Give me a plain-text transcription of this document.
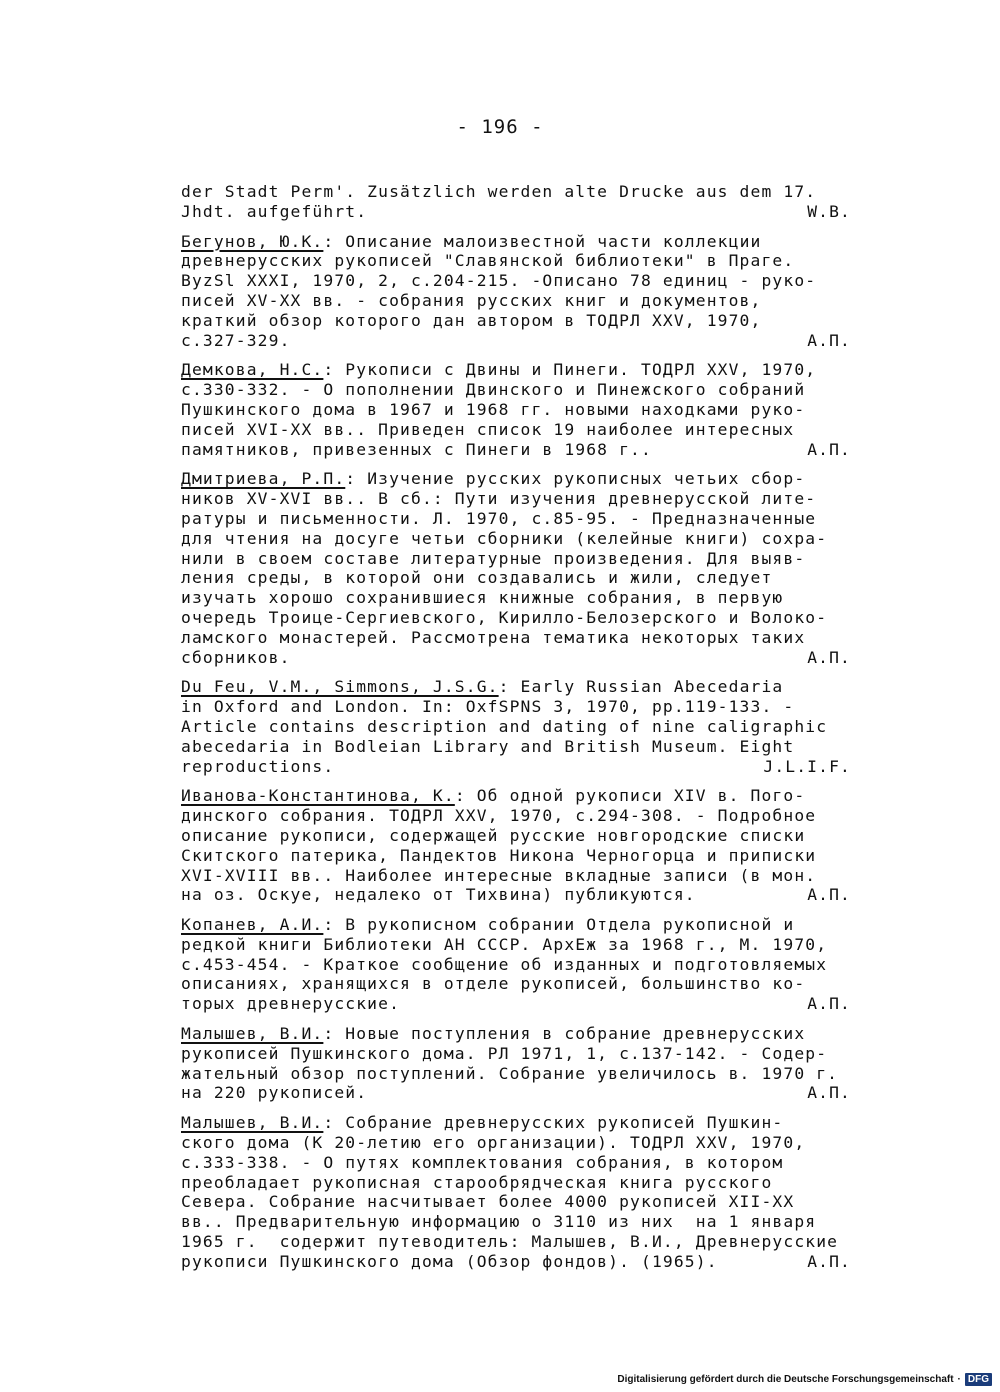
- 196 -
der Stadt Perm'. Zusätzlich werden alte Drucke aus dem 17.
Jhdt. aufgeführt.	W.B.
Бегунов, Ю.К.: Описание малоизвестной части коллекции
древнерусских рукописей "Славянской библиотеки" в Праге.
ByzSl XXXI, 1970, 2, с.204-215. -Описано 78 единиц - руко-
писей XV-XX вв. - собрания русских книг и документов,
краткий обзор которого дан автором в ТОДРЛ XXV, 1970,
с.327-329.	А.П.
Демкова, Н.С.: Рукописи с Двины и Пинеги. ТОДРЛ XXV, 1970,
с.330-332. - О пополнении Двинского и Пинежского собраний
Пушкинского дома в 1967 и 1968 гг. новыми находками руко-
писей XVI-XX вв.. Приведен список 19 наиболее интересных
памятников, привезенных с Пинеги в 1968 г..	А.П.
Дмитриева, Р.П.: Изучение русских рукописных четьих сбор-
ников XV-XVI вв.. В сб.: Пути изучения древнерусской лите-
ратуры и письменности. Л. 1970, с.85-95. - Предназначенные
для чтения на досуге четьи сборники (келейные книги) сохра-
нили в своем составе литературные произведения. Для выяв-
ления среды, в которой они создавались и жили, следует
изучать хорошо сохранившиеся книжные собрания, в первую
очередь Троице-Сергиевского, Кирилло-Белозерского и Волоко-
ламского монастерей. Рассмотрена тематика некоторых таких
сборников.	А.П.
Du Feu, V.M., Simmons, J.S.G.: Early Russian Abecedaria
in Oxford and London. In: OxfSPNS 3, 1970, pp.119-133. -
Article contains description and dating of nine caligraphic
abecedaria in Bodleian Library and British Museum. Eight
reproductions.	J.L.I.F.
Иванова-Константинова, К.: Об одной рукописи XIV в. Пого-
динского собрания. ТОДРЛ XXV, 1970, с.294-308. - Подробное
описание рукописи, содержащей русские новгородские списки
Скитского патерика, Пандектов Никона Черногорца и приписки
XVI-XVIII вв.. Наиболее интересные вкладные записи (в мон.
на оз. Оскуе, недалеко от Тихвина) публикуются.	А.П.
Копанев, А.И.: В рукописном собрании Отдела рукописной и
редкой книги Библиотеки АН СССР. АрхЕж за 1968 г., М. 1970,
с.453-454. - Краткое сообщение об изданных и подготовляемых
описаниях, хранящихся в отделе рукописей, большинство ко-
торых древнерусские.	А.П.
Малышев, В.И.: Новые поступления в собрание древнерусских
рукописей Пушкинского дома. РЛ 1971, 1, с.137-142. - Содер-
жательный обзор поступлений. Собрание увеличилось в. 1970 г.
на 220 рукописей.	А.П.
Малышев, В.И.: Собрание древнерусских рукописей Пушкин-
ского дома (К 20-летию его организации). ТОДРЛ XXV, 1970,
с.333-338. - О путях комплектования собрания, в котором
преобладает рукописная старообрядческая книга русского
Севера. Собрание насчитывает более 4000 рукописей XII-XX
вв.. Предварительную информацию о 3110 из них  на 1 января
1965 г.  содержит путеводитель: Малышев, В.И., Древнерусские
рукописи Пушкинского дома (Обзор фондов). (1965).	А.П.
Digitalisierung gefördert durch die Deutsche Forschungsgemeinschaft · DFG
